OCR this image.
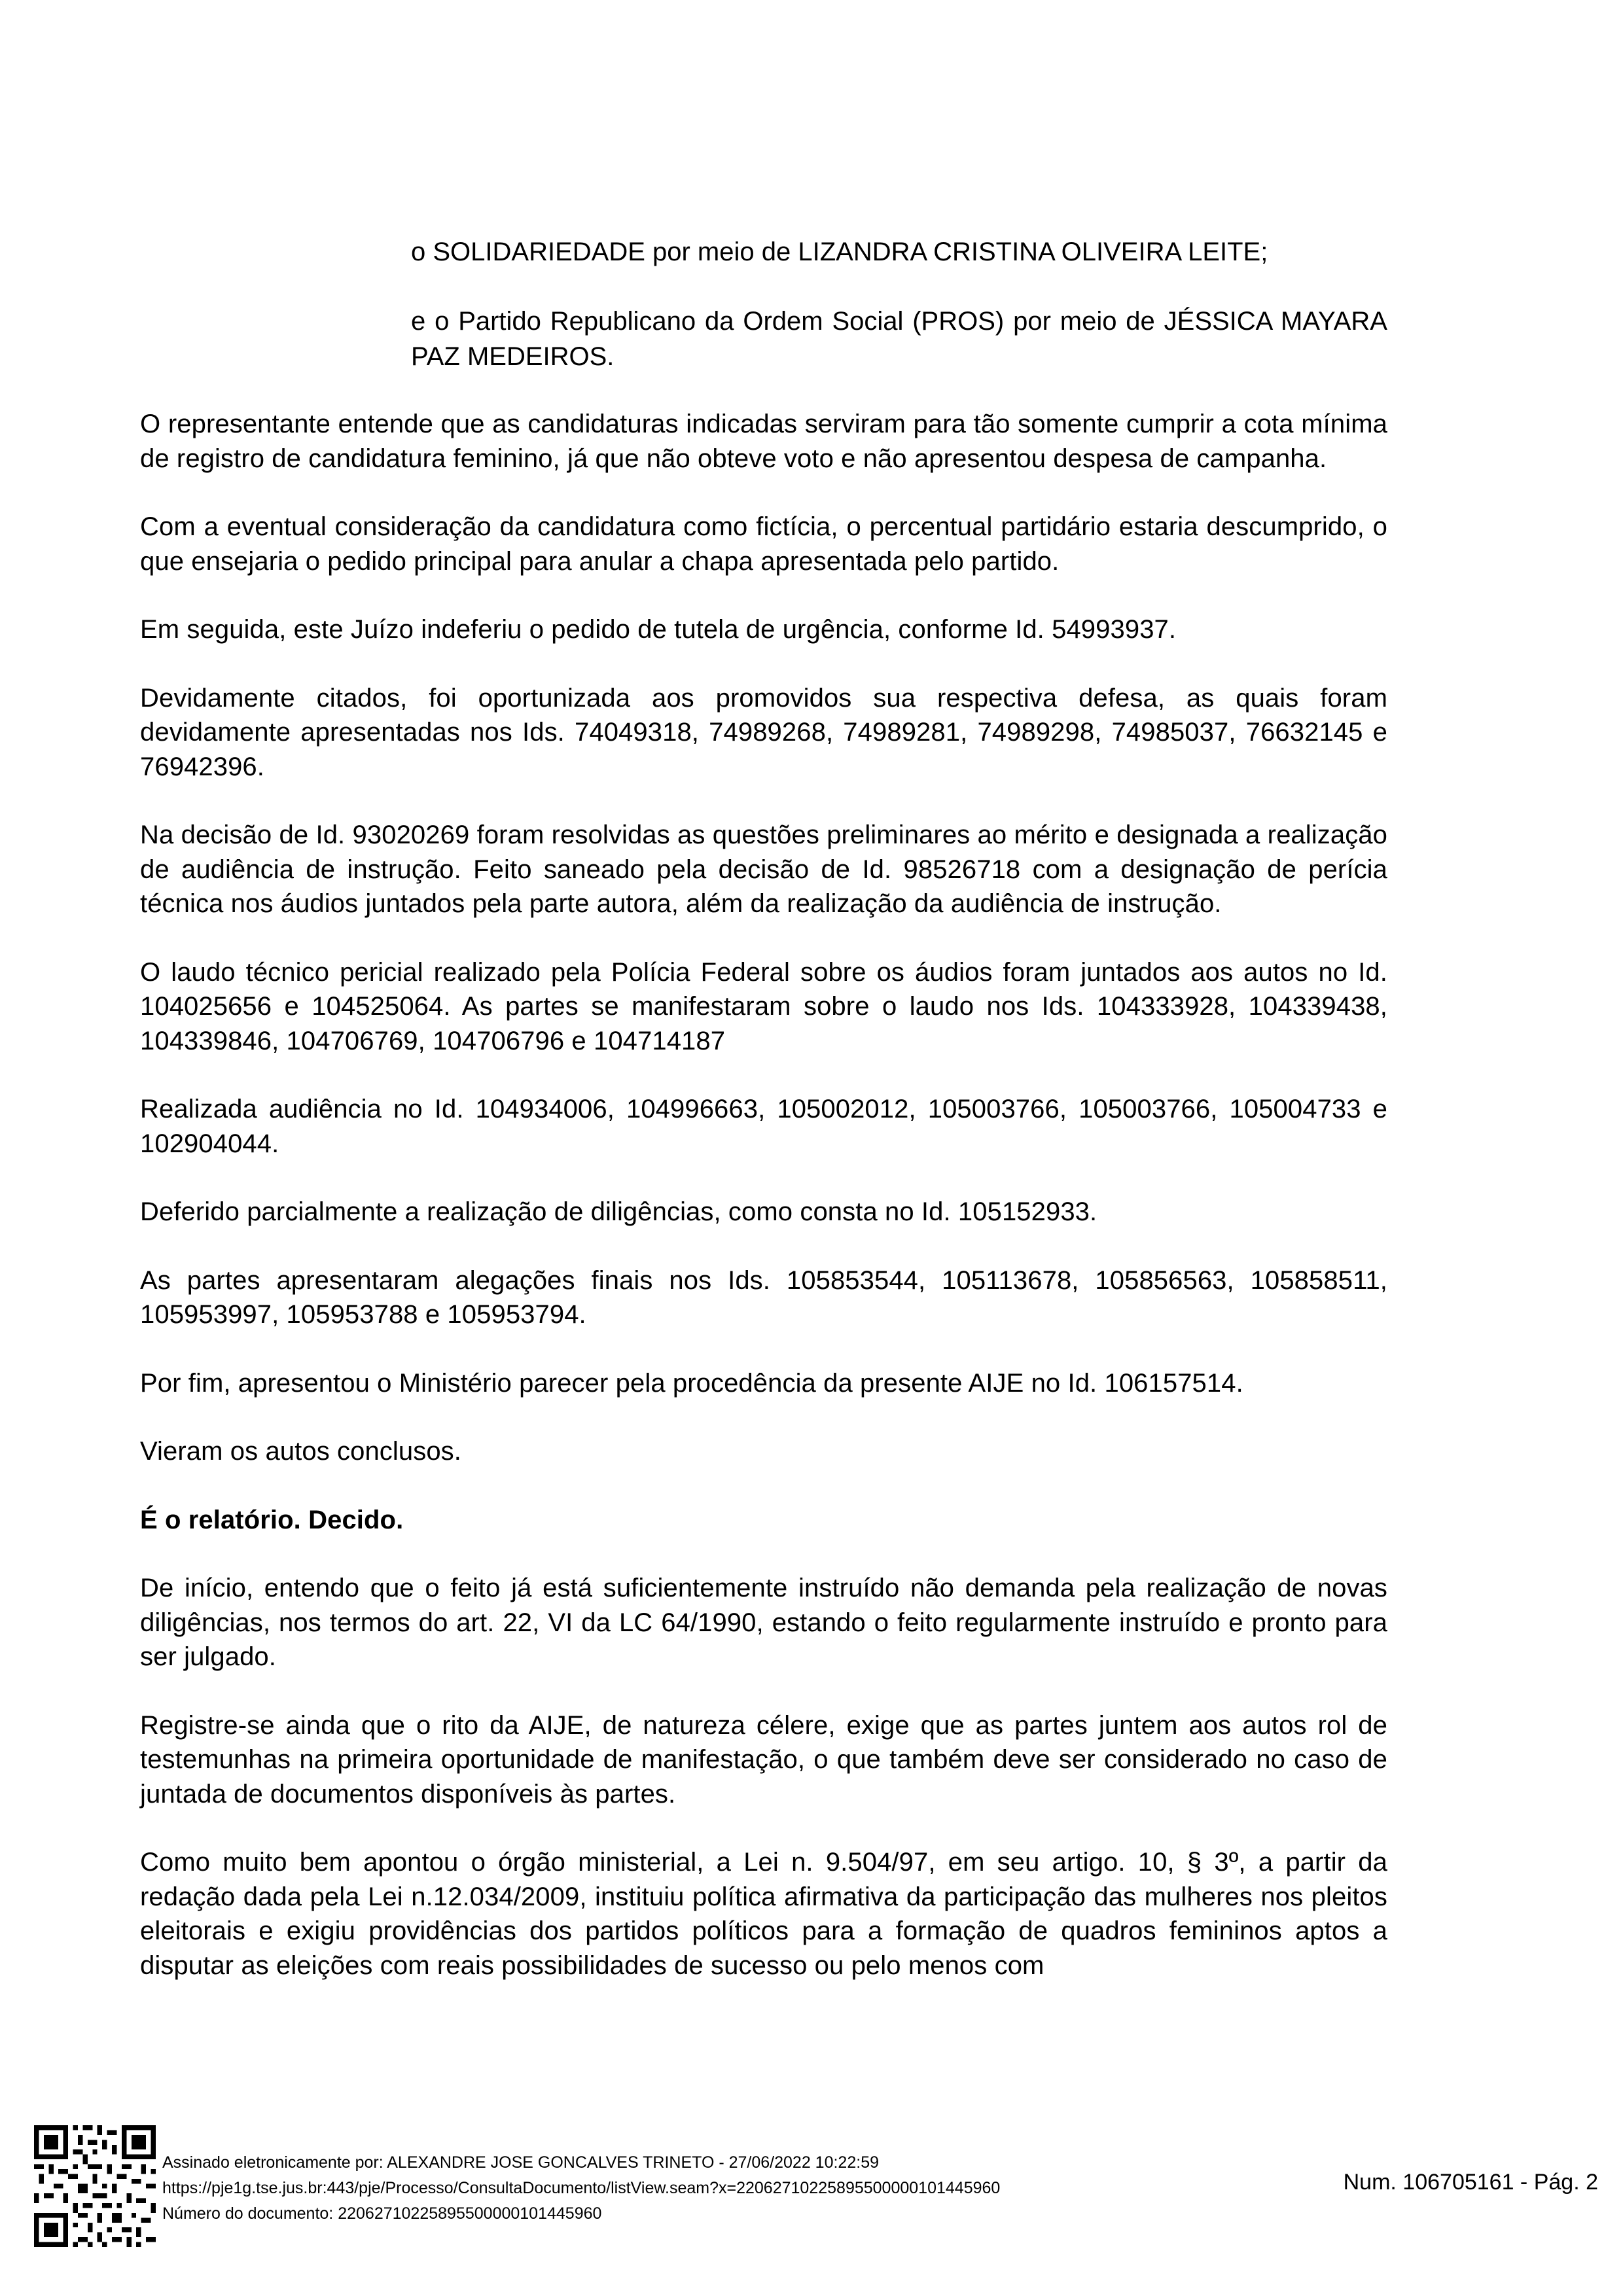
o SOLIDARIEDADE por meio de LIZANDRA CRISTINA OLIVEIRA LEITE;
e o Partido Republicano da Ordem Social (PROS) por meio de JÉSSICA MAYARA PAZ MEDEIROS.

O representante entende que as candidaturas indicadas serviram para tão somente cumprir a cota mínima de registro de candidatura feminino, já que não obteve voto e não apresentou despesa de campanha.

Com a eventual consideração da candidatura como fictícia, o percentual partidário estaria descumprido, o que ensejaria o pedido principal para anular a chapa apresentada pelo partido.

Em seguida, este Juízo indeferiu o pedido de tutela de urgência, conforme Id. 54993937.

Devidamente citados, foi oportunizada aos promovidos sua respectiva defesa, as quais foram devidamente apresentadas nos Ids. 74049318, 74989268, 74989281, 74989298, 74985037, 76632145 e 76942396.

Na decisão de Id. 93020269 foram resolvidas as questões preliminares ao mérito e designada a realização de audiência de instrução. Feito saneado pela decisão de Id. 98526718 com a designação de perícia técnica nos áudios juntados pela parte autora, além da realização da audiência de instrução.

O laudo técnico pericial realizado pela Polícia Federal sobre os áudios foram juntados aos autos no Id. 104025656 e 104525064. As partes se manifestaram sobre o laudo nos Ids. 104333928, 104339438, 104339846, 104706769, 104706796 e 104714187

Realizada audiência no Id. 104934006, 104996663, 105002012, 105003766, 105003766, 105004733 e 102904044.

Deferido parcialmente a realização de diligências, como consta no Id. 105152933.

As partes apresentaram alegações finais nos Ids. 105853544, 105113678, 105856563, 105858511, 105953997, 105953788 e 105953794.

Por fim, apresentou o Ministério parecer pela procedência da presente AIJE no Id. 106157514.

Vieram os autos conclusos.

É o relatório. Decido.

De início, entendo que o feito já está suficientemente instruído não demanda pela realização de novas diligências, nos termos do art. 22, VI da LC 64/1990, estando o feito regularmente instruído e pronto para ser julgado.

Registre-se ainda que o rito da AIJE, de natureza célere, exige que as partes juntem aos autos rol de testemunhas na primeira oportunidade de manifestação, o que também deve ser considerado no caso de juntada de documentos disponíveis às partes.

Como muito bem apontou o órgão ministerial, a Lei n. 9.504/97, em seu artigo. 10, § 3º, a partir da redação dada pela Lei n.12.034/2009, instituiu política afirmativa da participação das mulheres nos pleitos eleitorais e exigiu providências dos partidos políticos para a formação de quadros femininos aptos a disputar as eleições com reais possibilidades de sucesso ou pelo menos com

Assinado eletronicamente por: ALEXANDRE JOSE GONCALVES TRINETO - 27/06/2022 10:22:59
https://pje1g.tse.jus.br:443/pje/Processo/ConsultaDocumento/listView.seam?x=22062710225895500000101445960
Número do documento: 22062710225895500000101445960
Num. 106705161 - Pág. 2
